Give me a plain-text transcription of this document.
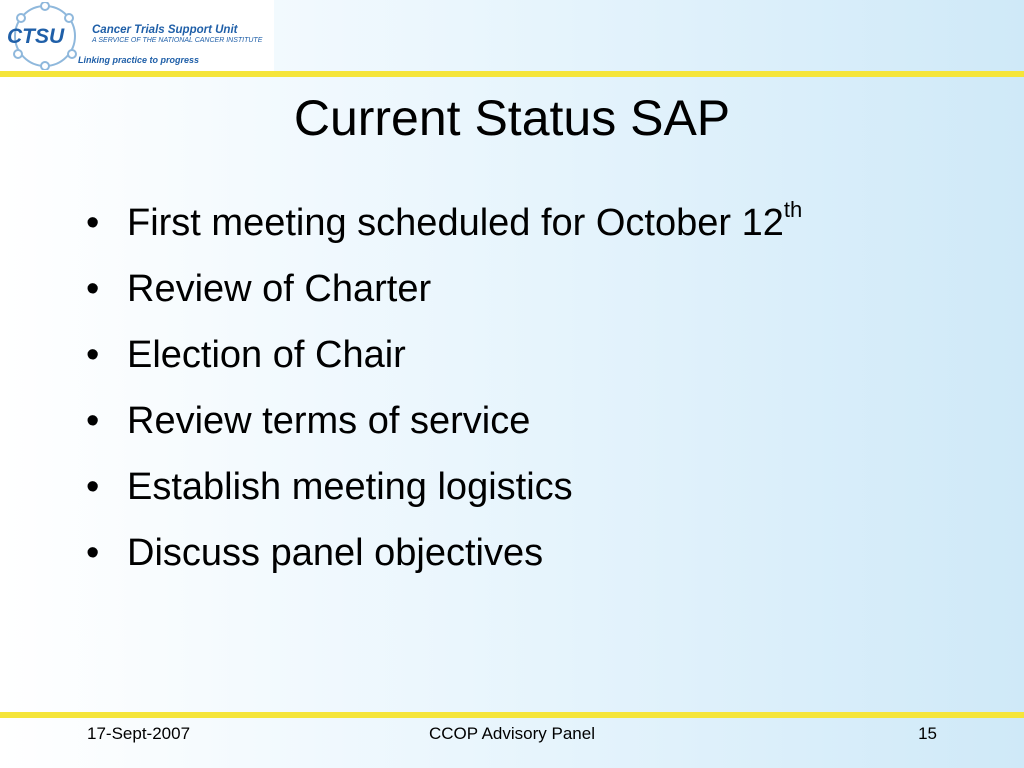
CTSU Cancer Trials Support Unit
A SERVICE OF THE NATIONAL CANCER INSTITUTE
Linking practice to progress
Current Status SAP
• First meeting scheduled for October 12th
• Review of Charter
• Election of Chair
• Review terms of service
• Establish meeting logistics
• Discuss panel objectives
17-Sept-2007	CCOP Advisory Panel	15
